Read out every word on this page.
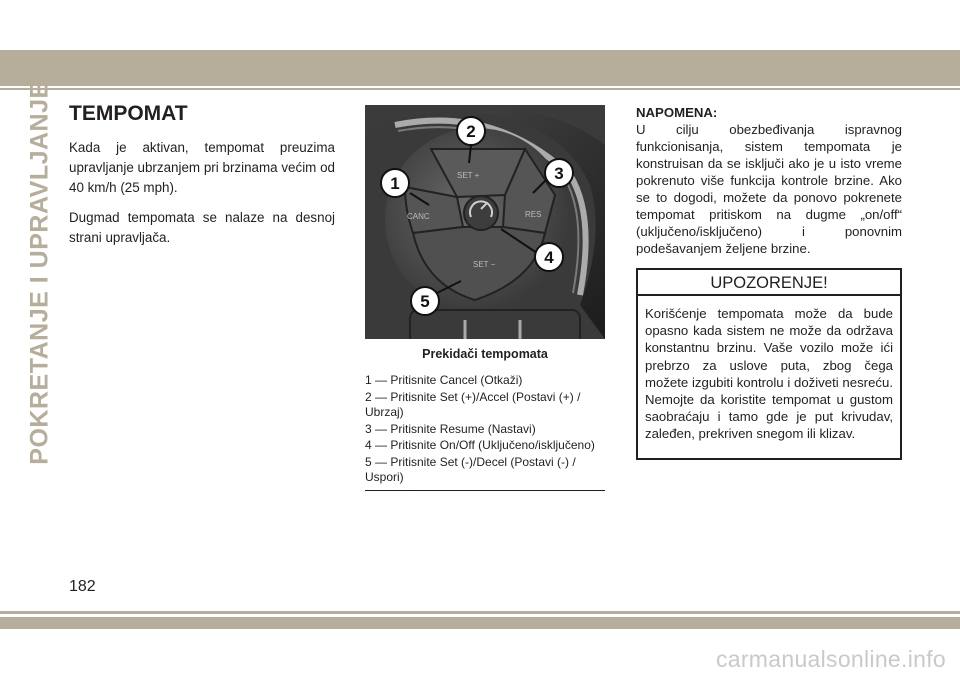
POKRETANJE I UPRAVLJANJE TEMPOMAT

Kada je aktivan, tempomat preuzima upravljanje ubrzanjem pri brzinama većim od 40 km/h (25 mph).

Dugmad tempomata se nalaze na desnoj strani upravljača.

CANC
SET +
RES
SET −
1
2
3
4
5
Prekidači tempomata
1 — Pritisnite Cancel (Otkaži)
2 — Pritisnite Set (+)/Accel (Postavi (+) / Ubrzaj)
3 — Pritisnite Resume (Nastavi)
4 — Pritisnite On/Off (Uključeno/isključeno)
5 — Pritisnite Set (-)/Decel (Postavi (-) / Uspori)
NAPOMENA:
U cilju obezbeđivanja ispravnog funkcionisanja, sistem tempomata je konstruisan da se isključi ako je u isto vreme pokrenuto više funkcija kontrole brzine. Ako se to dogodi, možete da ponovo pokrenete tempomat pritiskom na dugme „on/off“ (uključeno/isključeno) i ponovnim podešavanjem željene brzine.
UPOZORENJE!
Korišćenje tempomata može da bude opasno kada sistem ne može da održava konstantnu brzinu. Vaše vozilo može ići prebrzo za uslove puta, zbog čega možete izgubiti kontrolu i doživeti nesreću. Nemojte da koristite tempomat u gustom saobraćaju i tamo gde je put krivudav, zaleđen, prekriven snegom ili klizav.
182
carmanualsonline.info
